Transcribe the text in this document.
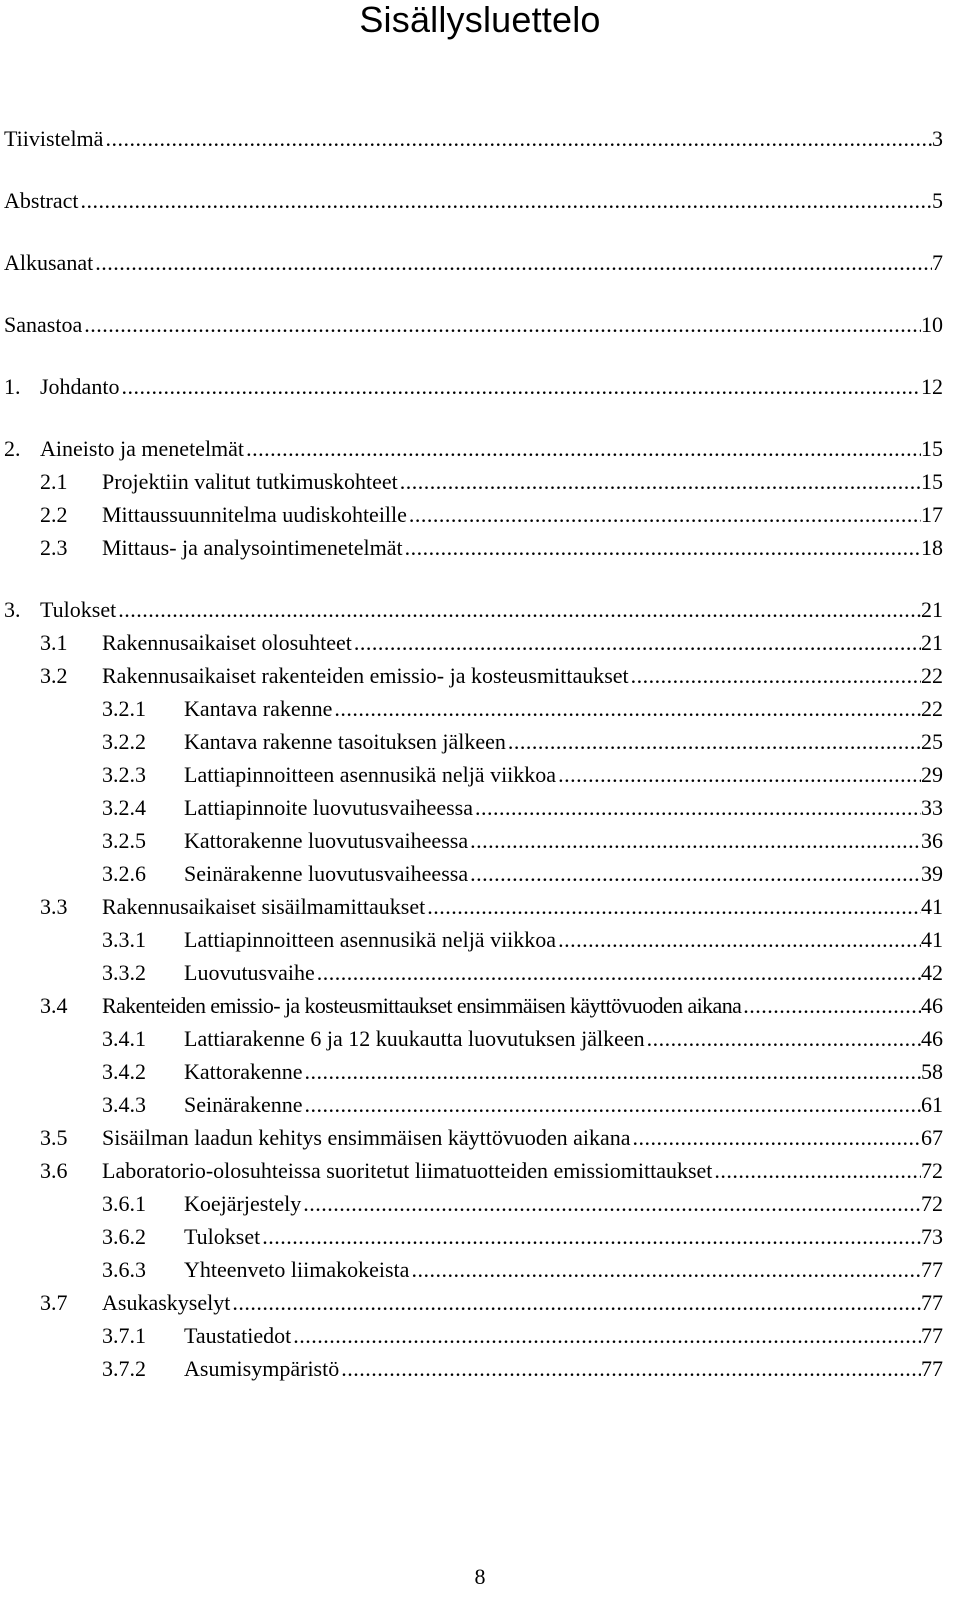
Sisällysluettelo
Tiivistelmä .....	3
Abstract .....	5
Alkusanat .....	7
Sanastoa .....	10
1. Johdanto .....	12
2. Aineisto ja menetelmät .....	15
2.1 Projektiin valitut tutkimuskohteet .....	15
2.2 Mittaussuunnitelma uudiskohteille .....	17
2.3 Mittaus- ja analysointimenetelmät .....	18
3. Tulokset .....	21
3.1 Rakennusaikaiset olosuhteet .....	21
3.2 Rakennusaikaiset rakenteiden emissio- ja kosteusmittaukset .....	22
3.2.1 Kantava rakenne .....	22
3.2.2 Kantava rakenne tasoituksen jälkeen .....	25
3.2.3 Lattiapinnoitteen asennusikä neljä viikkoa .....	29
3.2.4 Lattiapinnoite luovutusvaiheessa .....	33
3.2.5 Kattorakenne luovutusvaiheessa .....	36
3.2.6 Seinärakenne luovutusvaiheessa .....	39
3.3 Rakennusaikaiset sisäilmamittaukset .....	41
3.3.1 Lattiapinnoitteen asennusikä neljä viikkoa .....	41
3.3.2 Luovutusvaihe .....	42
3.4 Rakenteiden emissio- ja kosteusmittaukset ensimmäisen käyttövuoden aikana .....	46
3.4.1 Lattiarakenne 6 ja 12 kuukautta luovutuksen jälkeen .....	46
3.4.2 Kattorakenne .....	58
3.4.3 Seinärakenne .....	61
3.5 Sisäilman laadun kehitys ensimmäisen käyttövuoden aikana .....	67
3.6 Laboratorio-olosuhteissa suoritetut liimatuotteiden emissiomittaukset .....	72
3.6.1 Koejärjestely .....	72
3.6.2 Tulokset .....	73
3.6.3 Yhteenveto liimakokeista .....	77
3.7 Asukaskyselyt .....	77
3.7.1 Taustatiedot .....	77
3.7.2 Asumisympäristö .....	77
8
